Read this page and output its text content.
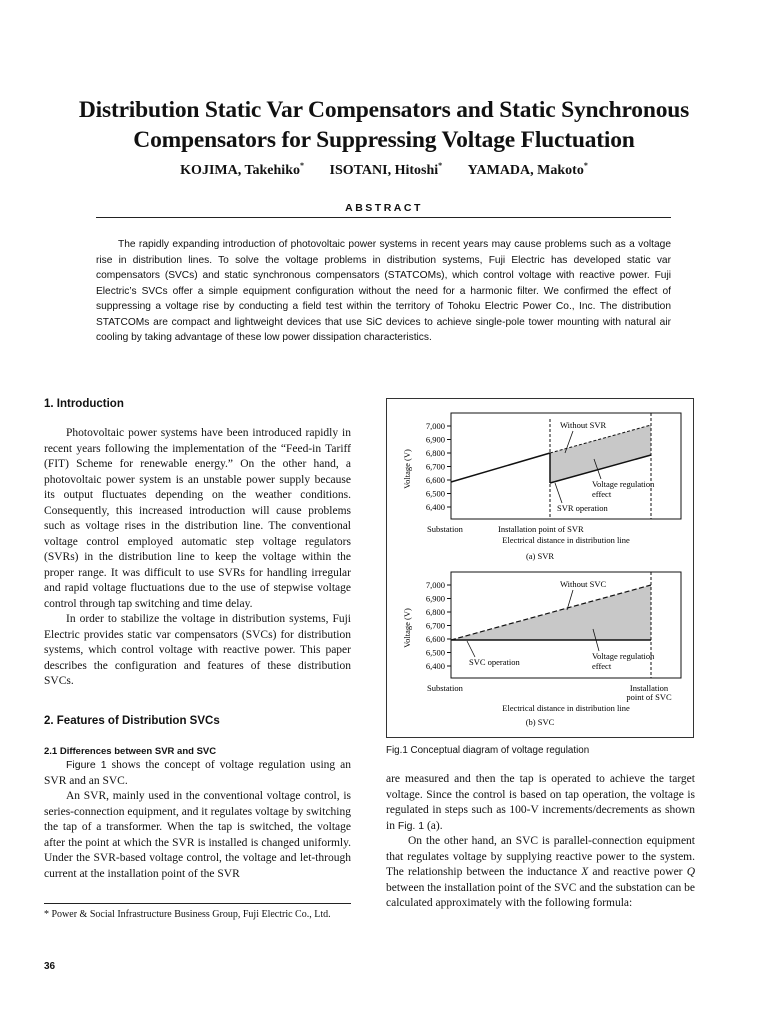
Distribution Static Var Compensators and Static Synchronous
Compensators for Suppressing Voltage Fluctuation
KOJIMA, Takehiko* ISOTANI, Hitoshi* YAMADA, Makoto*
ABSTRACT

The rapidly expanding introduction of photovoltaic power systems in recent years may cause problems such as a voltage rise in distribution lines. To solve the voltage problems in distribution systems, Fuji Electric has developed static var compensators (SVCs) and static synchronous compensators (STATCOMs), which control voltage with reactive power. Fuji Electric’s SVCs offer a simple equipment configuration without the need for a harmonic filter. We confirmed the effect of suppressing a voltage rise by conducting a field test within the territory of Tohoku Electric Power Co., Inc. The distribution STATCOMs are compact and lightweight devices that use SiC devices to achieve single-pole tower mounting with natural air cooling by taking advantage of these low power dissipation characteristics.

1. Introduction

Photovoltaic power systems have been introduced rapidly in recent years following the implementation of the “Feed-in Tariff (FIT) Scheme for renewable energy.” On the other hand, a photovoltaic power system is an unstable power supply because its output fluctuates depending on the weather conditions. Consequently, this increased introduction will cause problems such as voltage rises in the distribution line. The conventional voltage control employed automatic step voltage regulators (SVRs) in the distribution line to keep the voltage within the proper range. It was difficult to use SVRs for handling irregular and rapid voltage fluctuations due to the use of stepwise voltage control through tap switching and time delay.

In order to stabilize the voltage in distribution systems, Fuji Electric provides static var compensators (SVCs) for distribution systems, which control voltage with reactive power. This paper describes the configuration and features of these distribution SVCs.

2. Features of Distribution SVCs
2.1 Differences between SVR and SVC

Figure 1 shows the concept of voltage regulation using an SVR and an SVC.

An SVR, mainly used in the conventional voltage control, is series-connection equipment, and it regulates voltage by switching the tap of a transformer. When the tap is switched, the voltage after the point at which the SVR is installed is changed uniformly. Under the SVR-based voltage control, the voltage and let-through current at the installation point of the SVR

* Power & Social Infrastructure Business Group, Fuji Electric Co., Ltd.
36
7,000
6,900
6,800
6,700
6,600
6,500
6,400
Voltage (V)
Without SVR
Voltage regulation
effect
SVR operation
Substation	Installation point of SVR
Electrical distance in distribution line
(a) SVR
7,000
6,900
6,800
6,700
6,600
6,500
6,400
Voltage (V)
Without SVC
Voltage regulation
effect
SVC operation
Substation	Installation
point of SVC
Electrical distance in distribution line
(b) SVC
Fig.1 Conceptual diagram of voltage regulation

are measured and then the tap is operated to achieve the target voltage. Since the control is based on tap operation, the voltage is regulated in steps such as 100-V increments/decrements as shown in Fig. 1 (a).

On the other hand, an SVC is parallel-connection equipment that regulates voltage by supplying reactive power to the system. The relationship between the inductance X and reactive power Q between the installation point of the SVC and the substation can be calculated approximately with the following formula:
